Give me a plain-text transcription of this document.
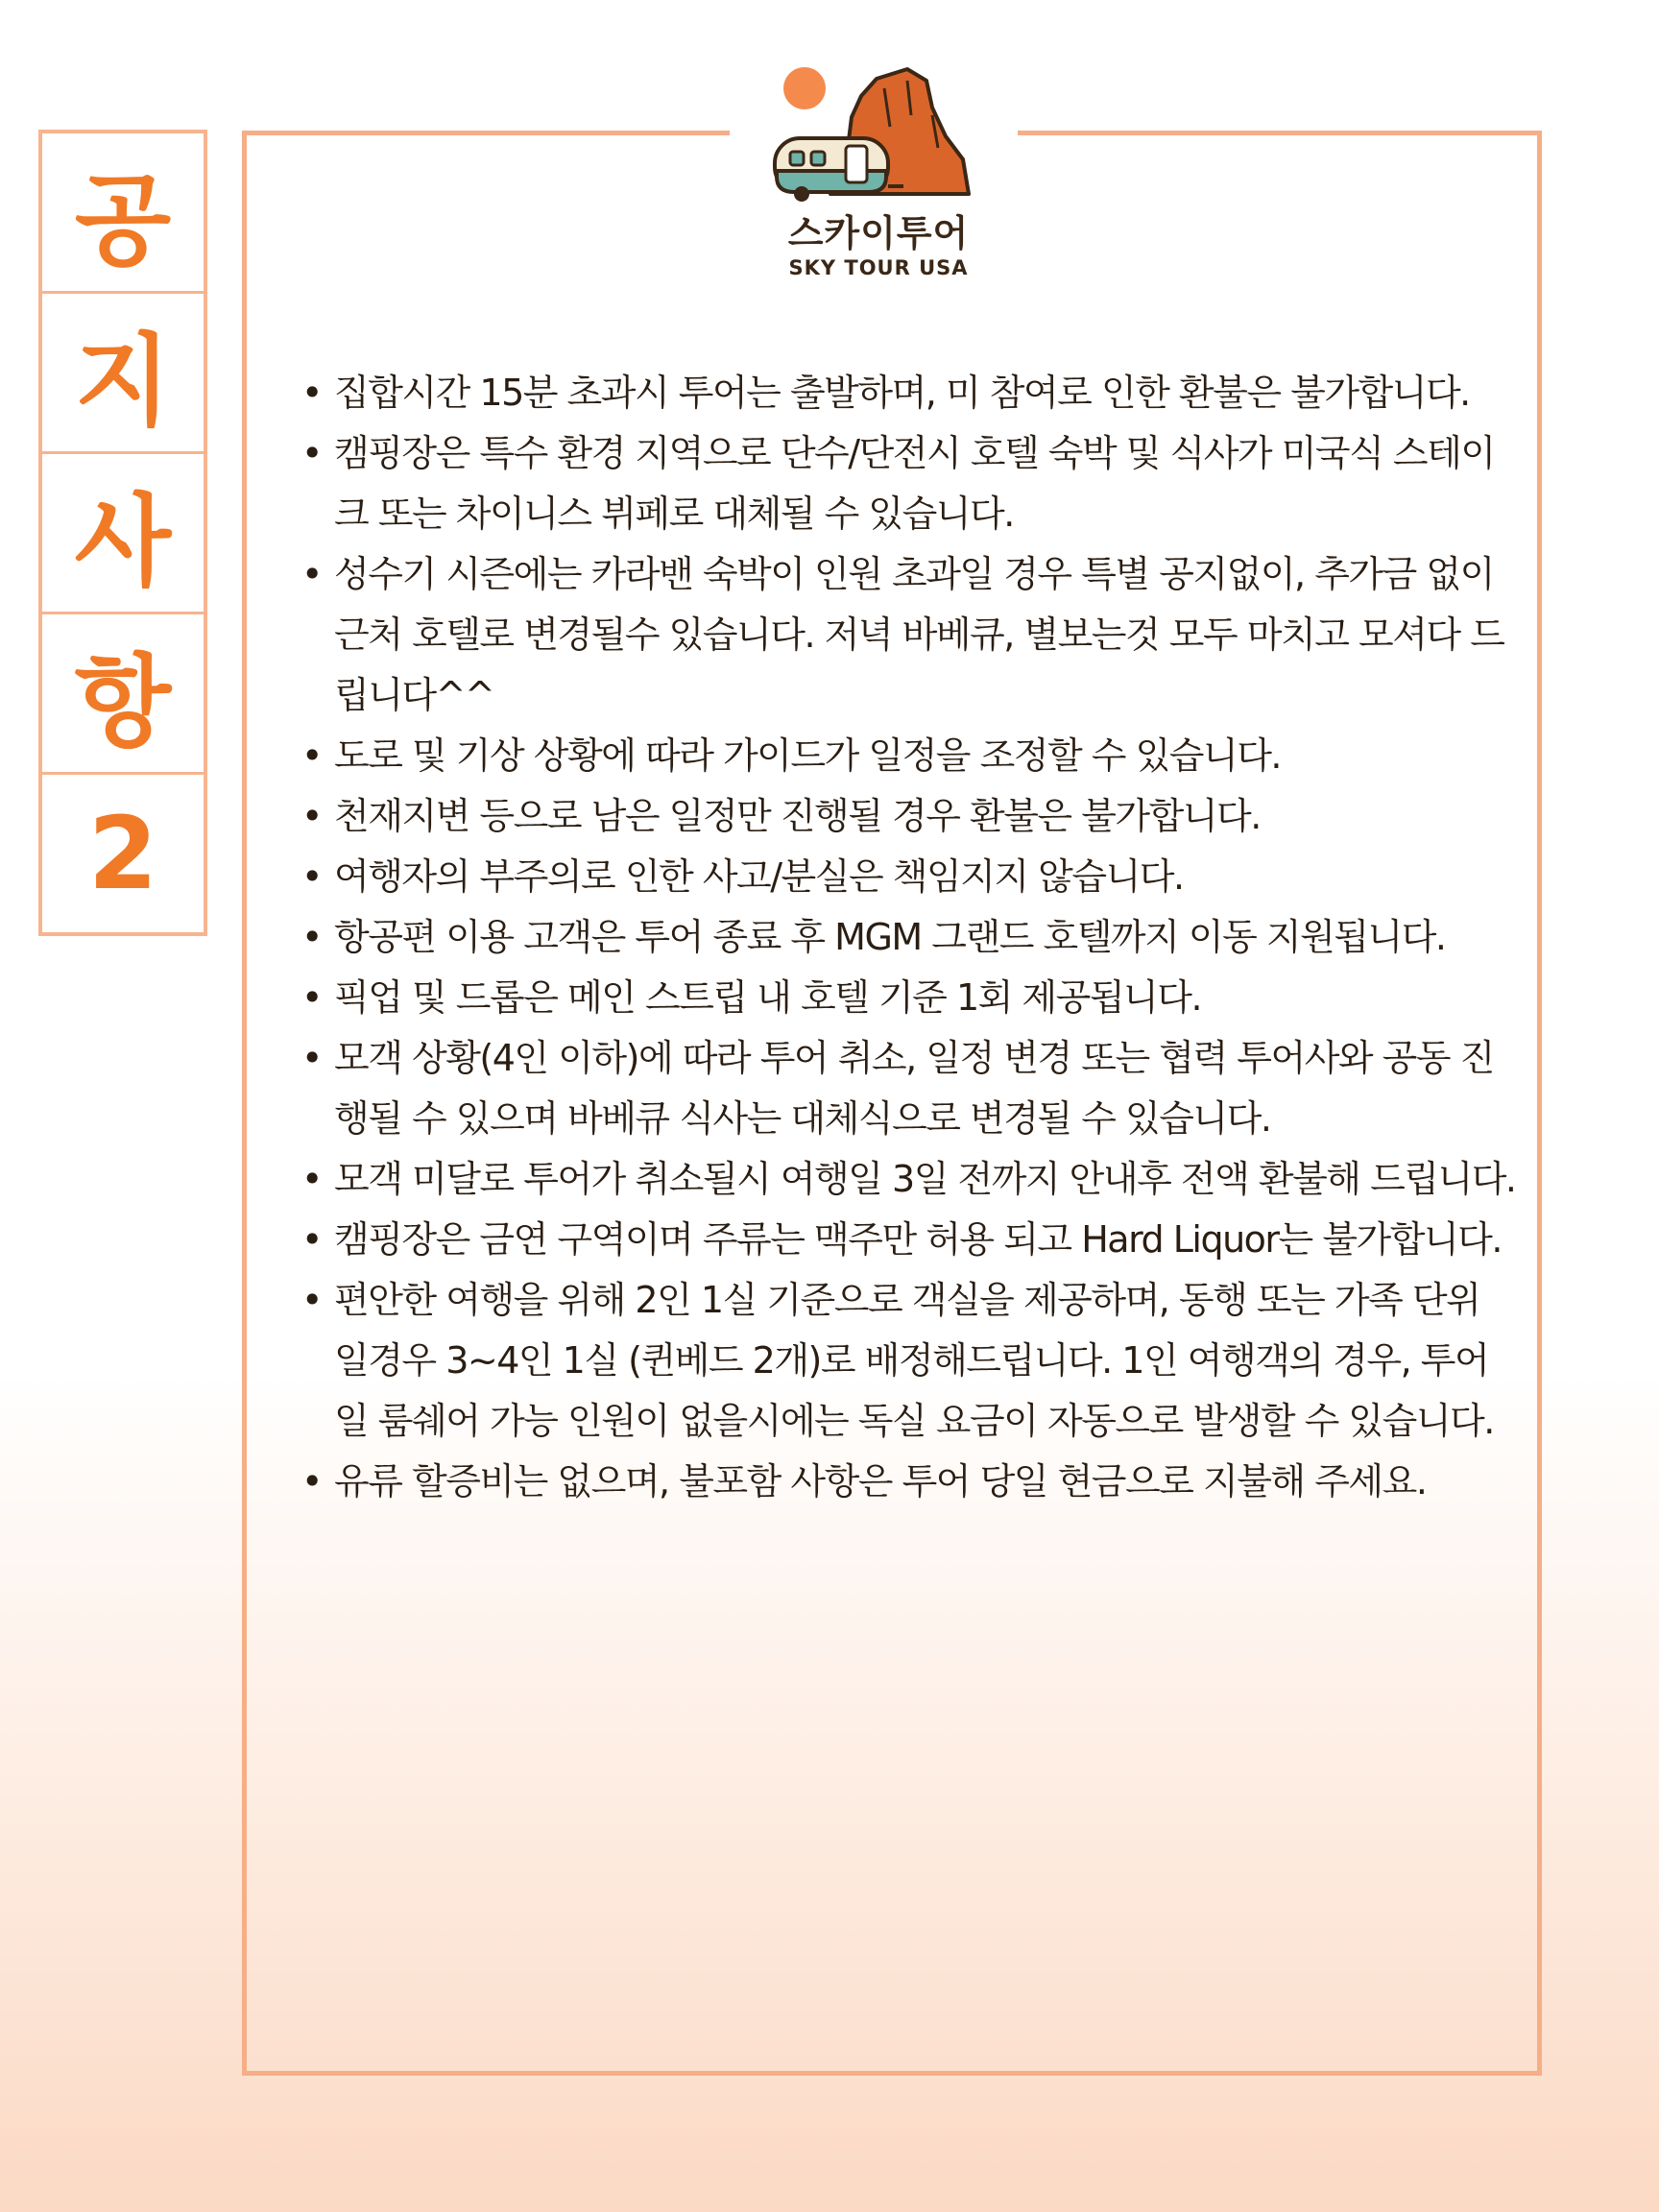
공
지
사
항
2
스카이투어
SKY TOUR USA
• 집합시간 15분 초과시 투어는 출발하며, 미 참여로 인한 환불은 불가합니다.
• 캠핑장은 특수 환경 지역으로 단수/단전시 호텔 숙박 및 식사가 미국식 스테이크 또는 차이니스 뷔페로 대체될 수 있습니다.
• 성수기 시즌에는 카라밴 숙박이 인원 초과일 경우 특별 공지없이, 추가금 없이 근처 호텔로 변경될수 있습니다. 저녁 바베큐, 별보는것 모두 마치고 모셔다 드립니다^^
• 도로 및 기상 상황에 따라 가이드가 일정을 조정할 수 있습니다.
• 천재지변 등으로 남은 일정만 진행될 경우 환불은 불가합니다.
• 여행자의 부주의로 인한 사고/분실은 책임지지 않습니다.
• 항공편 이용 고객은 투어 종료 후 MGM 그랜드 호텔까지 이동 지원됩니다.
• 픽업 및 드롭은 메인 스트립 내 호텔 기준 1회 제공됩니다.
• 모객 상황(4인 이하)에 따라 투어 취소, 일정 변경 또는 협력 투어사와 공동 진행될 수 있으며 바베큐 식사는 대체식으로 변경될 수 있습니다.
• 모객 미달로 투어가 취소될시 여행일 3일 전까지 안내후 전액 환불해 드립니다.
• 캠핑장은 금연 구역이며 주류는 맥주만 허용 되고 Hard Liquor는 불가합니다.
• 편안한 여행을 위해 2인 1실 기준으로 객실을 제공하며, 동행 또는 가족 단위 일경우 3~4인 1실 (퀸베드 2개)로 배정해드립니다. 1인 여행객의 경우, 투어일 룸쉐어 가능 인원이 없을시에는 독실 요금이 자동으로 발생할 수 있습니다.
• 유류 할증비는 없으며, 불포함 사항은 투어 당일 현금으로 지불해 주세요.
